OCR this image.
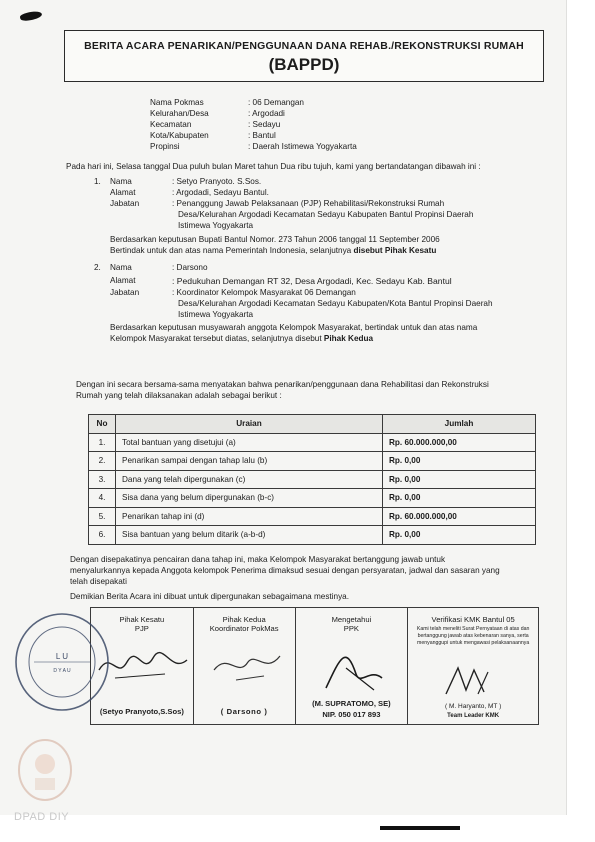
BERITA ACARA PENARIKAN/PENGGUNAAN DANA REHAB./REKONSTRUKSI RUMAH
(BAPPD)
Nama Pokmas	: 06 Demangan
Kelurahan/Desa	: Argodadi
Kecamatan	: Sedayu
Kota/Kabupaten	: Bantul
Propinsi	: Daerah Istimewa Yogyakarta
Pada hari ini, Selasa tanggal Dua puluh bulan Maret tahun Dua ribu tujuh, kami yang bertandatangan dibawah ini :
1. Nama	: Setyo Pranyoto. S.Sos.
Alamat	: Argodadi, Sedayu Bantul.
Jabatan	: Penanggung Jawab Pelaksanaan (PJP) Rehabilitasi/Rekonstruksi Rumah
Desa/Kelurahan Argodadi Kecamatan Sedayu Kabupaten Bantul Propinsi Daerah
Istimewa Yogyakarta
Berdasarkan keputusan Bupati Bantul Nomor. 273 Tahun 2006 tanggal 11 September 2006
Bertindak untuk dan atas nama Pemerintah Indonesia, selanjutnya disebut Pihak Kesatu
2. Nama	: Darsono
Alamat	: Pedukuhan Demangan RT 32, Desa Argodadi, Kec. Sedayu Kab. Bantul
Jabatan	: Koordinator Kelompok Masyarakat 06 Demangan
Desa/Kelurahan Argodadi Kecamatan Sedayu Kabupaten/Kota Bantul Propinsi Daerah
Istimewa Yogyakarta
Berdasarkan keputusan musyawarah anggota Kelompok Masyarakat, bertindak untuk dan atas nama
Kelompok Masyarakat tersebut diatas, selanjutnya disebut Pihak Kedua
Dengan ini secara bersama-sama menyatakan bahwa penarikan/penggunaan dana Rehabilitasi dan Rekonstruksi
Rumah yang telah dilaksanakan adalah sebagai berikut :
No	Uraian	Jumlah
1.	Total bantuan yang disetujui (a)	Rp. 60.000.000,00
2.	Penarikan sampai dengan tahap lalu (b)	Rp. 0,00
3.	Dana yang telah dipergunakan (c)	Rp. 0,00
4.	Sisa dana yang belum dipergunakan (b-c)	Rp. 0,00
5.	Penarikan tahap ini (d)	Rp. 60.000.000,00
6.	Sisa bantuan yang belum ditarik (a-b-d)	Rp. 0,00
Dengan disepakatinya pencairan dana tahap ini, maka Kelompok Masyarakat bertanggung jawab untuk
menyalurkannya kepada Anggota kelompok Penerima dimaksud sesuai dengan persyaratan, jadwal dan sasaran yang
telah disepakati
Demikian Berita Acara ini dibuat untuk dipergunakan sebagaimana mestinya.
Pihak Kesatu
PJP
(Setyo Pranyoto,S.Sos)
Pihak Kedua
Koordinator PokMas
( Darsono )
Mengetahui
PPK
(M. SUPRATOMO, SE)
NIP. 050 017 893
Verifikasi KMK Bantul 05
Kami telah meneliti Surat Pernyataan di atas dan bertanggung jawab atas kebenaran sanya, serta menyanggupi untuk mengawasi pelaksanaannya
( M. Haryanto, MT )
Team Leader KMK
L U
D Y A U
DPAD DIY
